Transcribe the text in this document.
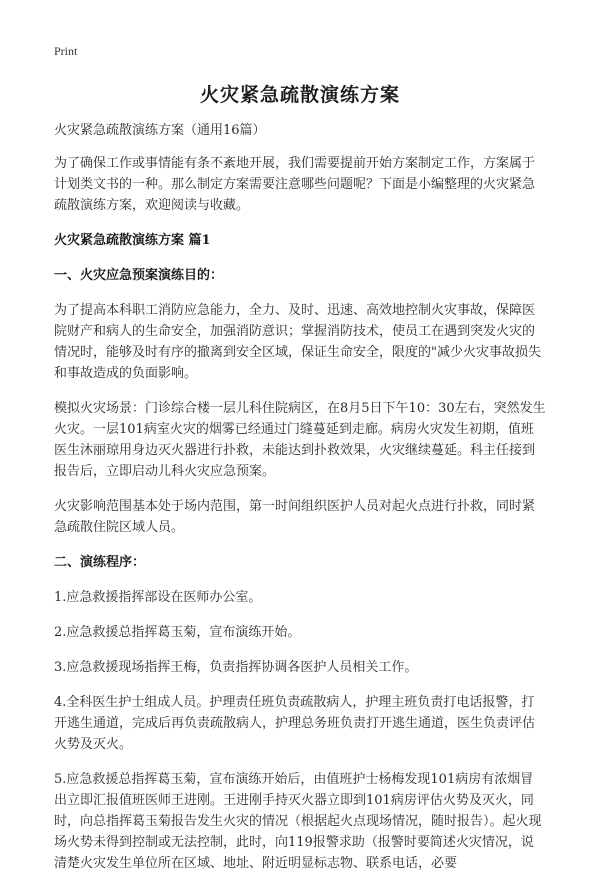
Print
火灾紧急疏散演练方案

火灾紧急疏散演练方案（通用16篇）

为了确保工作或事情能有条不紊地开展，我们需要提前开始方案制定工作，方案属于计划类文书的一种。那么制定方案需要注意哪些问题呢？下面是小编整理的火灾紧急疏散演练方案，欢迎阅读与收藏。

火灾紧急疏散演练方案 篇1
一、火灾应急预案演练目的：

为了提高本科职工消防应急能力，全力、及时、迅速、高效地控制火灾事故，保障医院财产和病人的生命安全，加强消防意识；掌握消防技术，使员工在遇到突发火灾的情况时，能够及时有序的撤离到安全区域，保证生命安全，限度的"减少火灾事故损失和事故造成的负面影响。

模拟火灾场景：门诊综合楼一层儿科住院病区，在8月5日下午10：30左右，突然发生火灾。一层101病室火灾的烟雾已经通过门缝蔓延到走廊。病房火灾发生初期，值班医生沐丽琼用身边灭火器进行扑救，未能达到扑救效果，火灾继续蔓延。科主任接到报告后，立即启动儿科火灾应急预案。

火灾影响范围基本处于场内范围，第一时间组织医护人员对起火点进行扑救，同时紧急疏散住院区域人员。

二、演练程序：

1.应急救援指挥部设在医师办公室。

2.应急救援总指挥葛玉菊，宣布演练开始。

3.应急救援现场指挥王梅，负责指挥协调各医护人员相关工作。

4.全科医生护士组成人员。护理责任班负责疏散病人，护理主班负责打电话报警，打开逃生通道，完成后再负责疏散病人，护理总务班负责打开逃生通道，医生负责评估火势及灭火。

5.应急救援总指挥葛玉菊，宣布演练开始后，由值班护士杨梅发现101病房有浓烟冒出立即汇报值班医师王进刚。王进刚手持灭火器立即到101病房评估火势及灭火，同时，向总指挥葛玉菊报告发生火灾的情况（根据起火点现场情况，随时报告）。起火现场火势未得到控制或无法控制，此时，向119报警求助（报警时要简述火灾情况，说清楚火灾发生单位所在区域、地址、附近明显标志物、联系电话，必要
